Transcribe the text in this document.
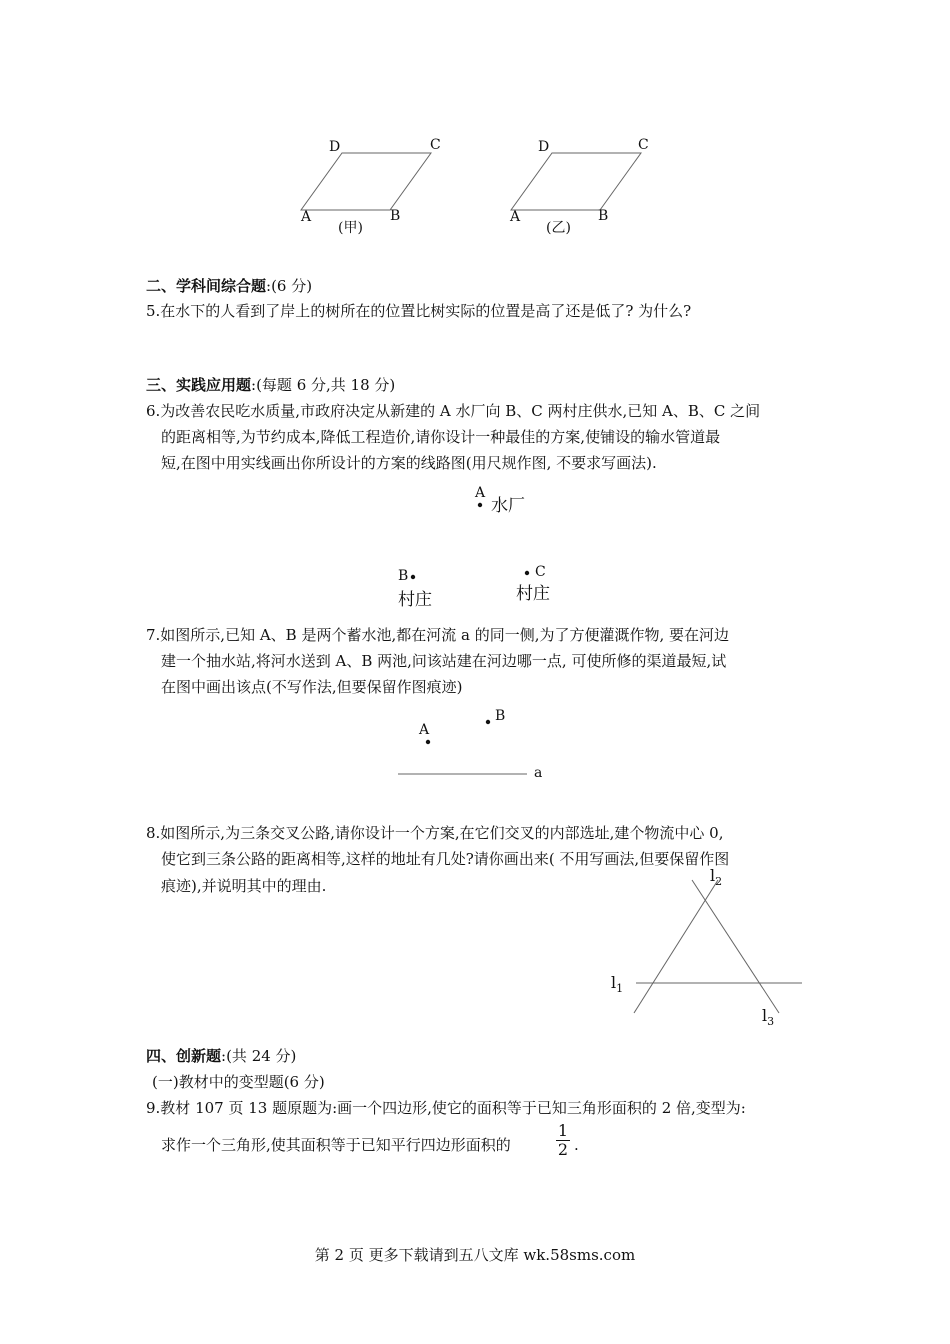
D	C
A	B
(甲)
D	C
A	B
(乙)
二、学科间综合题:(6 分)
5.在水下的人看到了岸上的树所在的位置比树实际的位置是高了还是低了? 为什么?
三、实践应用题:(每题 6 分,共 18 分)
6.为改善农民吃水质量,市政府决定从新建的 A 水厂向 B、C 两村庄供水,已知 A、B、C 之间
的距离相等,为节约成本,降低工程造价,请你设计一种最佳的方案,使铺设的输水管道最
短,在图中用实线画出你所设计的方案的线路图(用尺规作图, 不要求写画法).
A
水厂
B
村庄
C
村庄
7.如图所示,已知 A、B 是两个蓄水池,都在河流 a 的同一侧,为了方便灌溉作物, 要在河边
建一个抽水站,将河水送到 A、B 两池,问该站建在河边哪一点, 可使所修的渠道最短,试
在图中画出该点(不写作法,但要保留作图痕迹)
A
B
a
8.如图所示,为三条交叉公路,请你设计一个方案,在它们交叉的内部选址,建个物流中心 0,
使它到三条公路的距离相等,这样的地址有几处?请你画出来( 不用写画法,但要保留作图
痕迹),并说明其中的理由.
$l_2$
$l_1$
$l_3$
四、创新题:(共 24 分)
(一)教材中的变型题(6 分)
9.教材 107 页 13 题原题为:画一个四边形,使它的面积等于已知三角形面积的 2 倍,变型为:
求作一个三角形,使其面积等于已知平行四边形面积的
1
2 .
第 2 页 更多下载请到五八文库 wk.58sms.com
